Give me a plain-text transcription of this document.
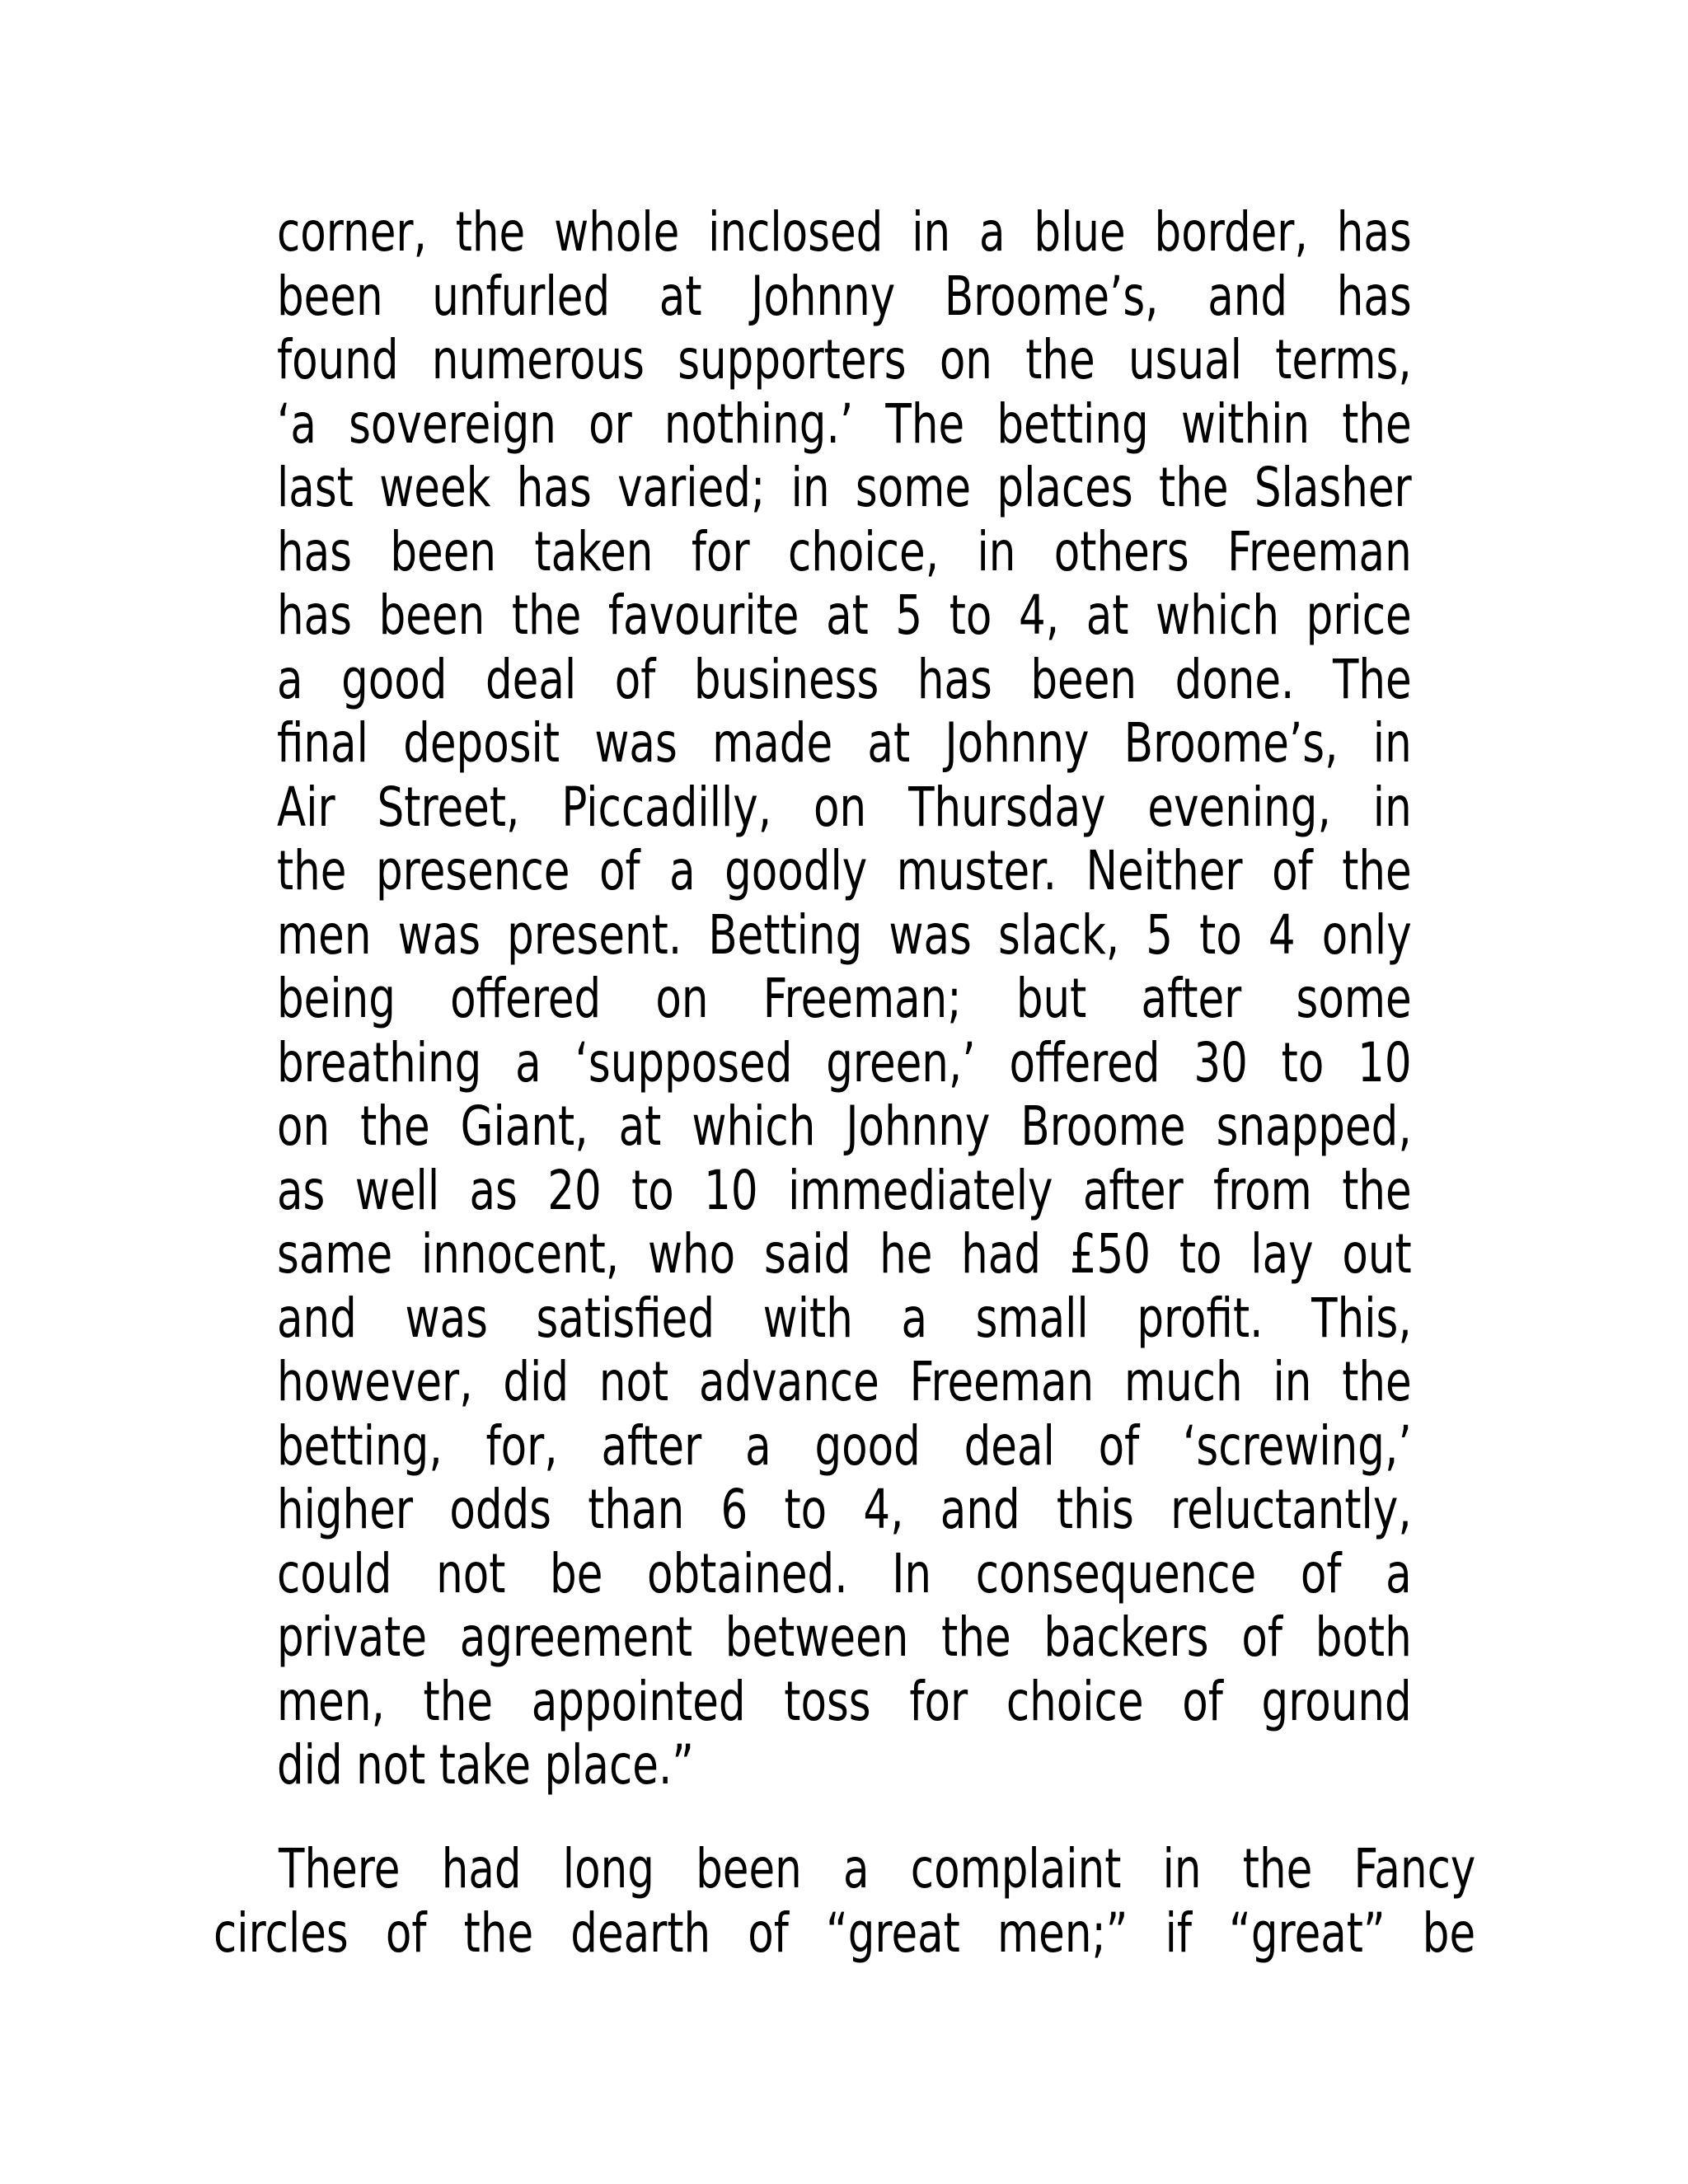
corner, the whole inclosed in a blue border, has
been unfurled at Johnny Broome’s, and has
found numerous supporters on the usual terms,
‘a sovereign or nothing.’ The betting within the
last week has varied; in some places the Slasher
has been taken for choice, in others Freeman
has been the favourite at 5 to 4, at which price
a good deal of business has been done. The
final deposit was made at Johnny Broome’s, in
Air Street, Piccadilly, on Thursday evening, in
the presence of a goodly muster. Neither of the
men was present. Betting was slack, 5 to 4 only
being offered on Freeman; but after some
breathing a ‘supposed green,’ offered 30 to 10
on the Giant, at which Johnny Broome snapped,
as well as 20 to 10 immediately after from the
same innocent, who said he had £50 to lay out
and was satisfied with a small profit. This,
however, did not advance Freeman much in the
betting, for, after a good deal of ‘screwing,’
higher odds than 6 to 4, and this reluctantly,
could not be obtained. In consequence of a
private agreement between the backers of both
men, the appointed toss for choice of ground
did not take place.”
There had long been a complaint in the Fancy
circles of the dearth of “great men;” if “great” be
